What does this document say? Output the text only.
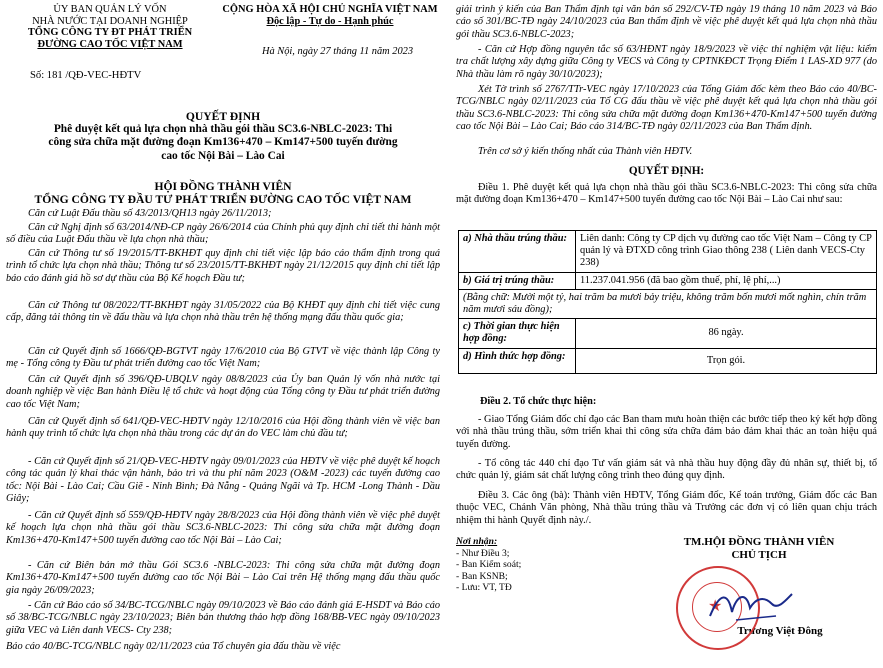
ỦY BAN QUẢN LÝ VỐN
NHÀ NƯỚC TẠI DOANH NGHIỆP
TỔNG CÔNG TY ĐT PHÁT TRIỂN
ĐƯỜNG CAO TỐC VIỆT NAM
Số: 181 /QĐ-VEC-HĐTV
CỘNG HÒA XÃ HỘI CHỦ NGHĨA VIỆT NAM
Độc lập - Tự do - Hạnh phúc
Hà Nội, ngày 27 tháng 11 năm 2023
QUYẾT ĐỊNH
Phê duyệt kết quả lựa chọn nhà thầu gói thầu SC3.6-NBLC-2023: Thi
công sửa chữa mặt đường đoạn Km136+470 – Km147+500 tuyến đường
cao tốc Nội Bài – Lào Cai
HỘI ĐỒNG THÀNH VIÊN
TỔNG CÔNG TY ĐẦU TƯ PHÁT TRIỂN ĐƯỜNG CAO TỐC VIỆT NAM
Căn cứ Luật Đấu thầu số 43/2013/QH13 ngày 26/11/2013;
Căn cứ Nghị định số 63/2014/NĐ-CP ngày 26/6/2014 của Chính phủ quy định chi tiết thi hành một số điều của Luật Đấu thầu về lựa chọn nhà thầu;
Căn cứ Thông tư số 19/2015/TT-BKHĐT quy định chi tiết việc lập báo cáo thẩm định trong quá trình tổ chức lựa chọn nhà thầu; Thông tư số 23/2015/TT-BKHĐT ngày 21/12/2015 quy định chi tiết lập báo cáo đánh giá hồ sơ dự thầu của Bộ Kế hoạch Đầu tư;
Căn cứ Thông tư 08/2022/TT-BKHĐT ngày 31/05/2022 của Bộ KHĐT quy định chi tiết việc cung cấp, đăng tải thông tin về đấu thầu và lựa chọn nhà thầu trên hệ thống mạng đấu thầu quốc gia;
Căn cứ Quyết định số 1666/QĐ-BGTVT ngày 17/6/2010 của Bộ GTVT về việc thành lập Công ty mẹ - Tổng công ty Đầu tư phát triển đường cao tốc Việt Nam;
Căn cứ Quyết định số 396/QĐ-UBQLV ngày 08/8/2023 của Ủy ban Quản lý vốn nhà nước tại doanh nghiệp về việc Ban hành Điều lệ tổ chức và hoạt động của Tổng công ty Đầu tư phát triển đường cao tốc Việt Nam;
Căn cứ Quyết định số 641/QĐ-VEC-HĐTV ngày 12/10/2016 của Hội đồng thành viên về việc ban hành quy trình tổ chức lựa chọn nhà thầu trong các dự án do VEC làm chủ đầu tư;
- Căn cứ Quyết định số 21/QĐ-VEC-HĐTV ngày 09/01/2023 của HĐTV về việc phê duyệt kế hoạch công tác quản lý khai thác vận hành, bảo trì và thu phí năm 2023 (O&M -2023) các tuyến đường cao tốc: Nội Bài - Lào Cai; Cầu Giẽ - Ninh Bình; Đà Nẵng - Quảng Ngãi và Tp. HCM -Long Thành - Dầu Giây;
- Căn cứ Quyết định số 559/QĐ-HĐTV ngày 28/8/2023 của Hội đồng thành viên về việc phê duyệt kế hoạch lựa chọn nhà thầu gói thầu SC3.6-NBLC-2023: Thi công sửa chữa mặt đường đoạn Km136+470-Km147+500 tuyến đường cao tốc Nội Bài – Lào Cai;
- Căn cứ Biên bản mở thầu Gói SC3.6 -NBLC-2023: Thi công sửa chữa mặt đường đoạn Km136+470-Km147+500 tuyến đường cao tốc Nội Bài – Lào Cai trên Hệ thống mạng đấu thầu quốc gia ngày 26/09/2023;
- Căn cứ Báo cáo số 34/BC-TCG/NBLC ngày 09/10/2023 về Báo cáo đánh giá E-HSDT và Báo cáo số 38/BC-TCG/NBLC ngày 23/10/2023; Biên bản thương thảo hợp đồng 168/BB-VEC ngày 09/10/2023 giữa VEC và Liên danh VECS- Cty 238;
Báo cáo 40/BC-TCG/NBLC ngày 02/11/2023 của Tổ chuyên gia đấu thầu về việc
giải trình ý kiến của Ban Thẩm định tại văn bản số 292/CV-TĐ ngày 19 tháng 10 năm 2023 và Báo cáo số 301/BC-TĐ ngày 24/10/2023 của Ban thẩm định về việc phê duyệt kết quả lựa chọn nhà thầu gói thầu SC3.6-NBLC-2023;
- Căn cứ Hợp đồng nguyên tắc số 63/HĐNT ngày 18/9/2023 về việc thí nghiệm vật liệu: kiểm tra chất lượng xây dựng giữa Công ty VECS và Công ty CPTNKĐCT Trọng Điểm 1 LAS-XD 977 (do Nhà thầu làm rõ ngày 30/10/2023);
Xét Tờ trình số 2767/TTr-VEC ngày 17/10/2023 của Tổng Giám đốc kèm theo Báo cáo 40/BC-TCG/NBLC ngày 02/11/2023 của Tổ CG đấu thầu về việc phê duyệt kết quả lựa chọn nhà thầu gói thầu SC3.6-NBLC-2023: Thi công sửa chữa mặt đường đoạn Km136+470-Km147+500 tuyến đường cao tốc Nội Bài – Lào Cai; Báo cáo 314/BC-TĐ ngày 02/11/2023 của Ban Thẩm định.
Trên cơ sở ý kiến thống nhất của Thành viên HĐTV.
QUYẾT ĐỊNH:
Điều 1. Phê duyệt kết quả lựa chọn nhà thầu gói thầu SC3.6-NBLC-2023: Thi công sửa chữa mặt đường đoạn Km136+470 – Km147+500 tuyến đường cao tốc Nội Bài – Lào Cai như sau:
a) Nhà thầu trúng thầu:	Liên danh: Công ty CP dịch vụ đường cao tốc Việt Nam – Công ty CP quản lý và ĐTXD công trình Giao thông 238 ( Liên danh VECS-Cty 238)
b) Giá trị trúng thầu:	11.237.041.956 (đã bao gồm thuế, phí, lệ phí,...)
(Bằng chữ: Mười một tỷ, hai trăm ba mươi bảy triệu, không trăm bốn mươi mốt nghìn, chín trăm năm mươi sáu đồng);	
c) Thời gian thực hiện hợp đồng:	86 ngày.
d) Hình thức hợp đồng:	Trọn gói.
Điều 2. Tổ chức thực hiện:
- Giao Tổng Giám đốc chỉ đạo các Ban tham mưu hoàn thiện các bước tiếp theo ký kết hợp đồng với nhà thầu trúng thầu, sớm triển khai thi công sửa chữa đảm bảo đảm khai thác an toàn hiệu quả tuyến đường.
- Tổ công tác 440 chỉ đạo Tư vấn giám sát và nhà thầu huy động đầy đủ nhân sự, thiết bị, tổ chức quản lý, giám sát chất lượng công trình theo đúng quy định.
Điều 3. Các ông (bà): Thành viên HĐTV, Tổng Giám đốc, Kế toán trưởng, Giám đốc các Ban thuộc VEC, Chánh Văn phòng, Nhà thầu trúng thầu và Trưởng các đơn vị có liên quan chịu trách nhiệm thi hành Quyết định này./.
Nơi nhận:
- Như Điều 3;
- Ban Kiểm soát;
- Ban KSNB;
- Lưu: VT, TĐ
TM.HỘI ĐỒNG THÀNH VIÊN
CHỦ TỊCH
Trương Việt Đông
★
